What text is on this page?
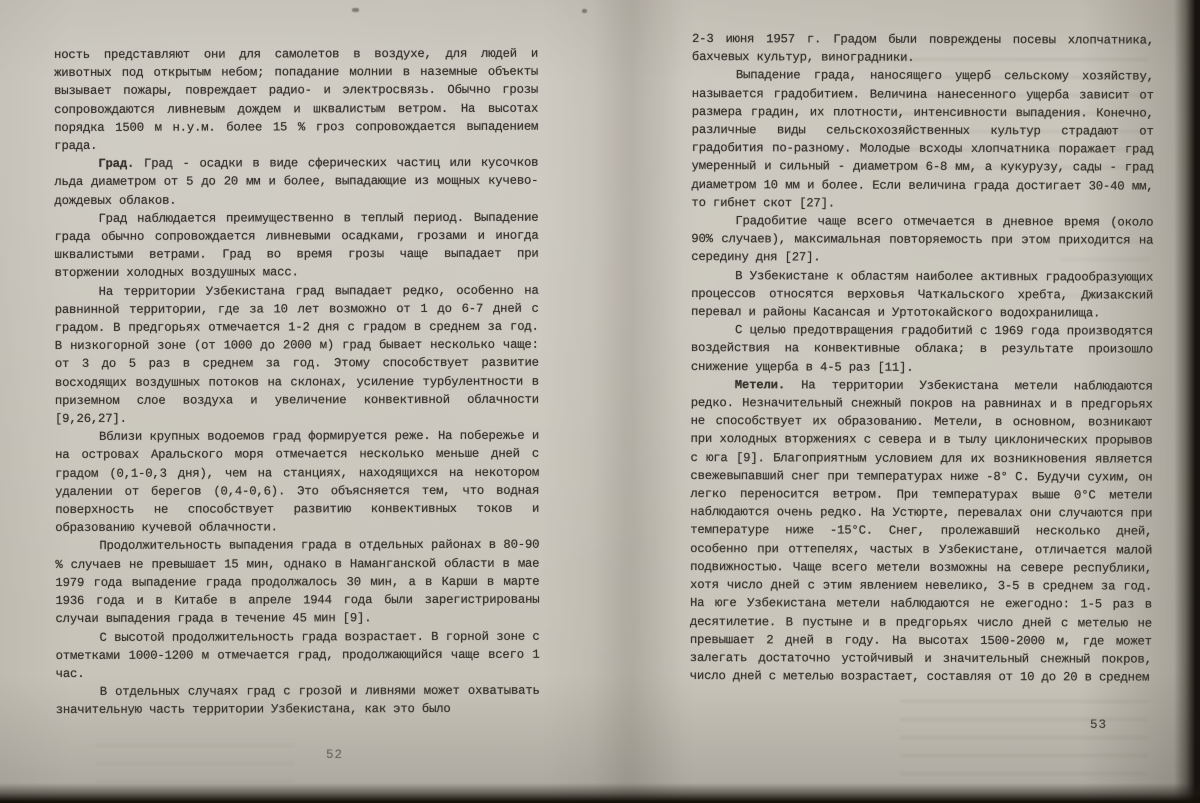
ность представляют они для самолетов в воздухе, для людей и животных под открытым небом; попадание молнии в наземные объекты вызывает пожары, повреждает радио- и электросвязь. Обычно грозы сопровождаются ливневым дождем и шквалистым ветром. На высотах порядка 1500 м н.у.м. более 15 % гроз сопровождается выпадением града.

Град. Град - осадки в виде сферических частиц или кусочков льда диаметром от 5 до 20 мм и более, выпадающие из мощных кучево-дождевых облаков.

Град наблюдается преимущественно в теплый период. Выпадение града обычно сопровождается ливневыми осадками, грозами и иногда шквалистыми ветрами. Град во время грозы чаще выпадает при вторжении холодных воздушных масс.

На территории Узбекистана град выпадает редко, особенно на равнинной территории, где за 10 лет возможно от 1 до 6-7 дней с градом. В предгорьях отмечается 1-2 дня с градом в среднем за год. В низкогорной зоне (от 1000 до 2000 м) град бывает несколько чаще: от 3 до 5 раз в среднем за год. Этому способствует развитие восходящих воздушных потоков на склонах, усиление турбулентности в приземном слое воздуха и увеличение конвективной облачности [9,26,27].

Вблизи крупных водоемов град формируется реже. На побережье и на островах Аральского моря отмечается несколько меньше дней с градом (0,1-0,3 дня), чем на станциях, находящихся на некотором удалении от берегов (0,4-0,6). Это объясняется тем, что водная поверхность не способствует развитию конвективных токов и образованию кучевой облачности.

Продолжительность выпадения града в отдельных районах в 80-90 % случаев не превышает 15 мин, однако в Наманганской области в мае 1979 года выпадение града продолжалось 30 мин, а в Карши в марте 1936 года и в Китабе в апреле 1944 года были зарегистрированы случаи выпадения града в течение 45 мин [9].

С высотой продолжительность града возрастает. В горной зоне с отметками 1000-1200 м отмечается град, продолжающийся чаще всего 1 час.

В отдельных случаях град с грозой и ливнями может охватывать значительную часть территории Узбекистана, как это было

2-3 июня 1957 г. Градом были повреждены посевы хлопчатника, бахчевых культур, виноградники.

Выпадение града, наносящего ущерб сельскому хозяйству, называется градобитием. Величина нанесенного ущерба зависит от размера градин, их плотности, интенсивности выпадения. Конечно, различные виды сельскохозяйственных культур страдают от градобития по-разному. Молодые всходы хлопчатника поражает град умеренный и сильный - диаметром 6-8 мм, а кукурузу, сады - град диаметром 10 мм и более. Если величина града достигает 30-40 мм, то гибнет скот [27].

Градобитие чаще всего отмечается в дневное время (около 90% случаев), максимальная повторяемость при этом приходится на середину дня [27].

В Узбекистане к областям наиболее активных градообразующих процессов относятся верховья Чаткальского хребта, Джизакский перевал и районы Касансая и Уртотокайского водохранилища.

С целью предотвращения градобитий с 1969 года производятся воздействия на конвективные облака; в результате произошло снижение ущерба в 4-5 раз [11].

Метели. На территории Узбекистана метели наблюдаются редко. Незначительный снежный покров на равнинах и в предгорьях не способствует их образованию. Метели, в основном, возникают при холодных вторжениях с севера и в тылу циклонических прорывов с юга [9]. Благоприятным условием для их возникновения является свежевыпавший снег при температурах ниже -8° С. Будучи сухим, он легко переносится ветром. При температурах выше 0°С метели наблюдаются очень редко. На Устюрте, перевалах они случаются при температуре ниже -15°С. Снег, пролежавший несколько дней, особенно при оттепелях, частых в Узбекистане, отличается малой подвижностью. Чаще всего метели возможны на севере республики, хотя число дней с этим явлением невелико, 3-5 в среднем за год. На юге Узбекистана метели наблюдаются не ежегодно: 1-5 раз в десятилетие. В пустыне и в предгорьях число дней с метелью не превышает 2 дней в году. На высотах 1500-2000 м, где может залегать достаточно устойчивый и значительный снежный покров, число дней с метелью возрастает, составляя от 10 до 20 в среднем

52
53
